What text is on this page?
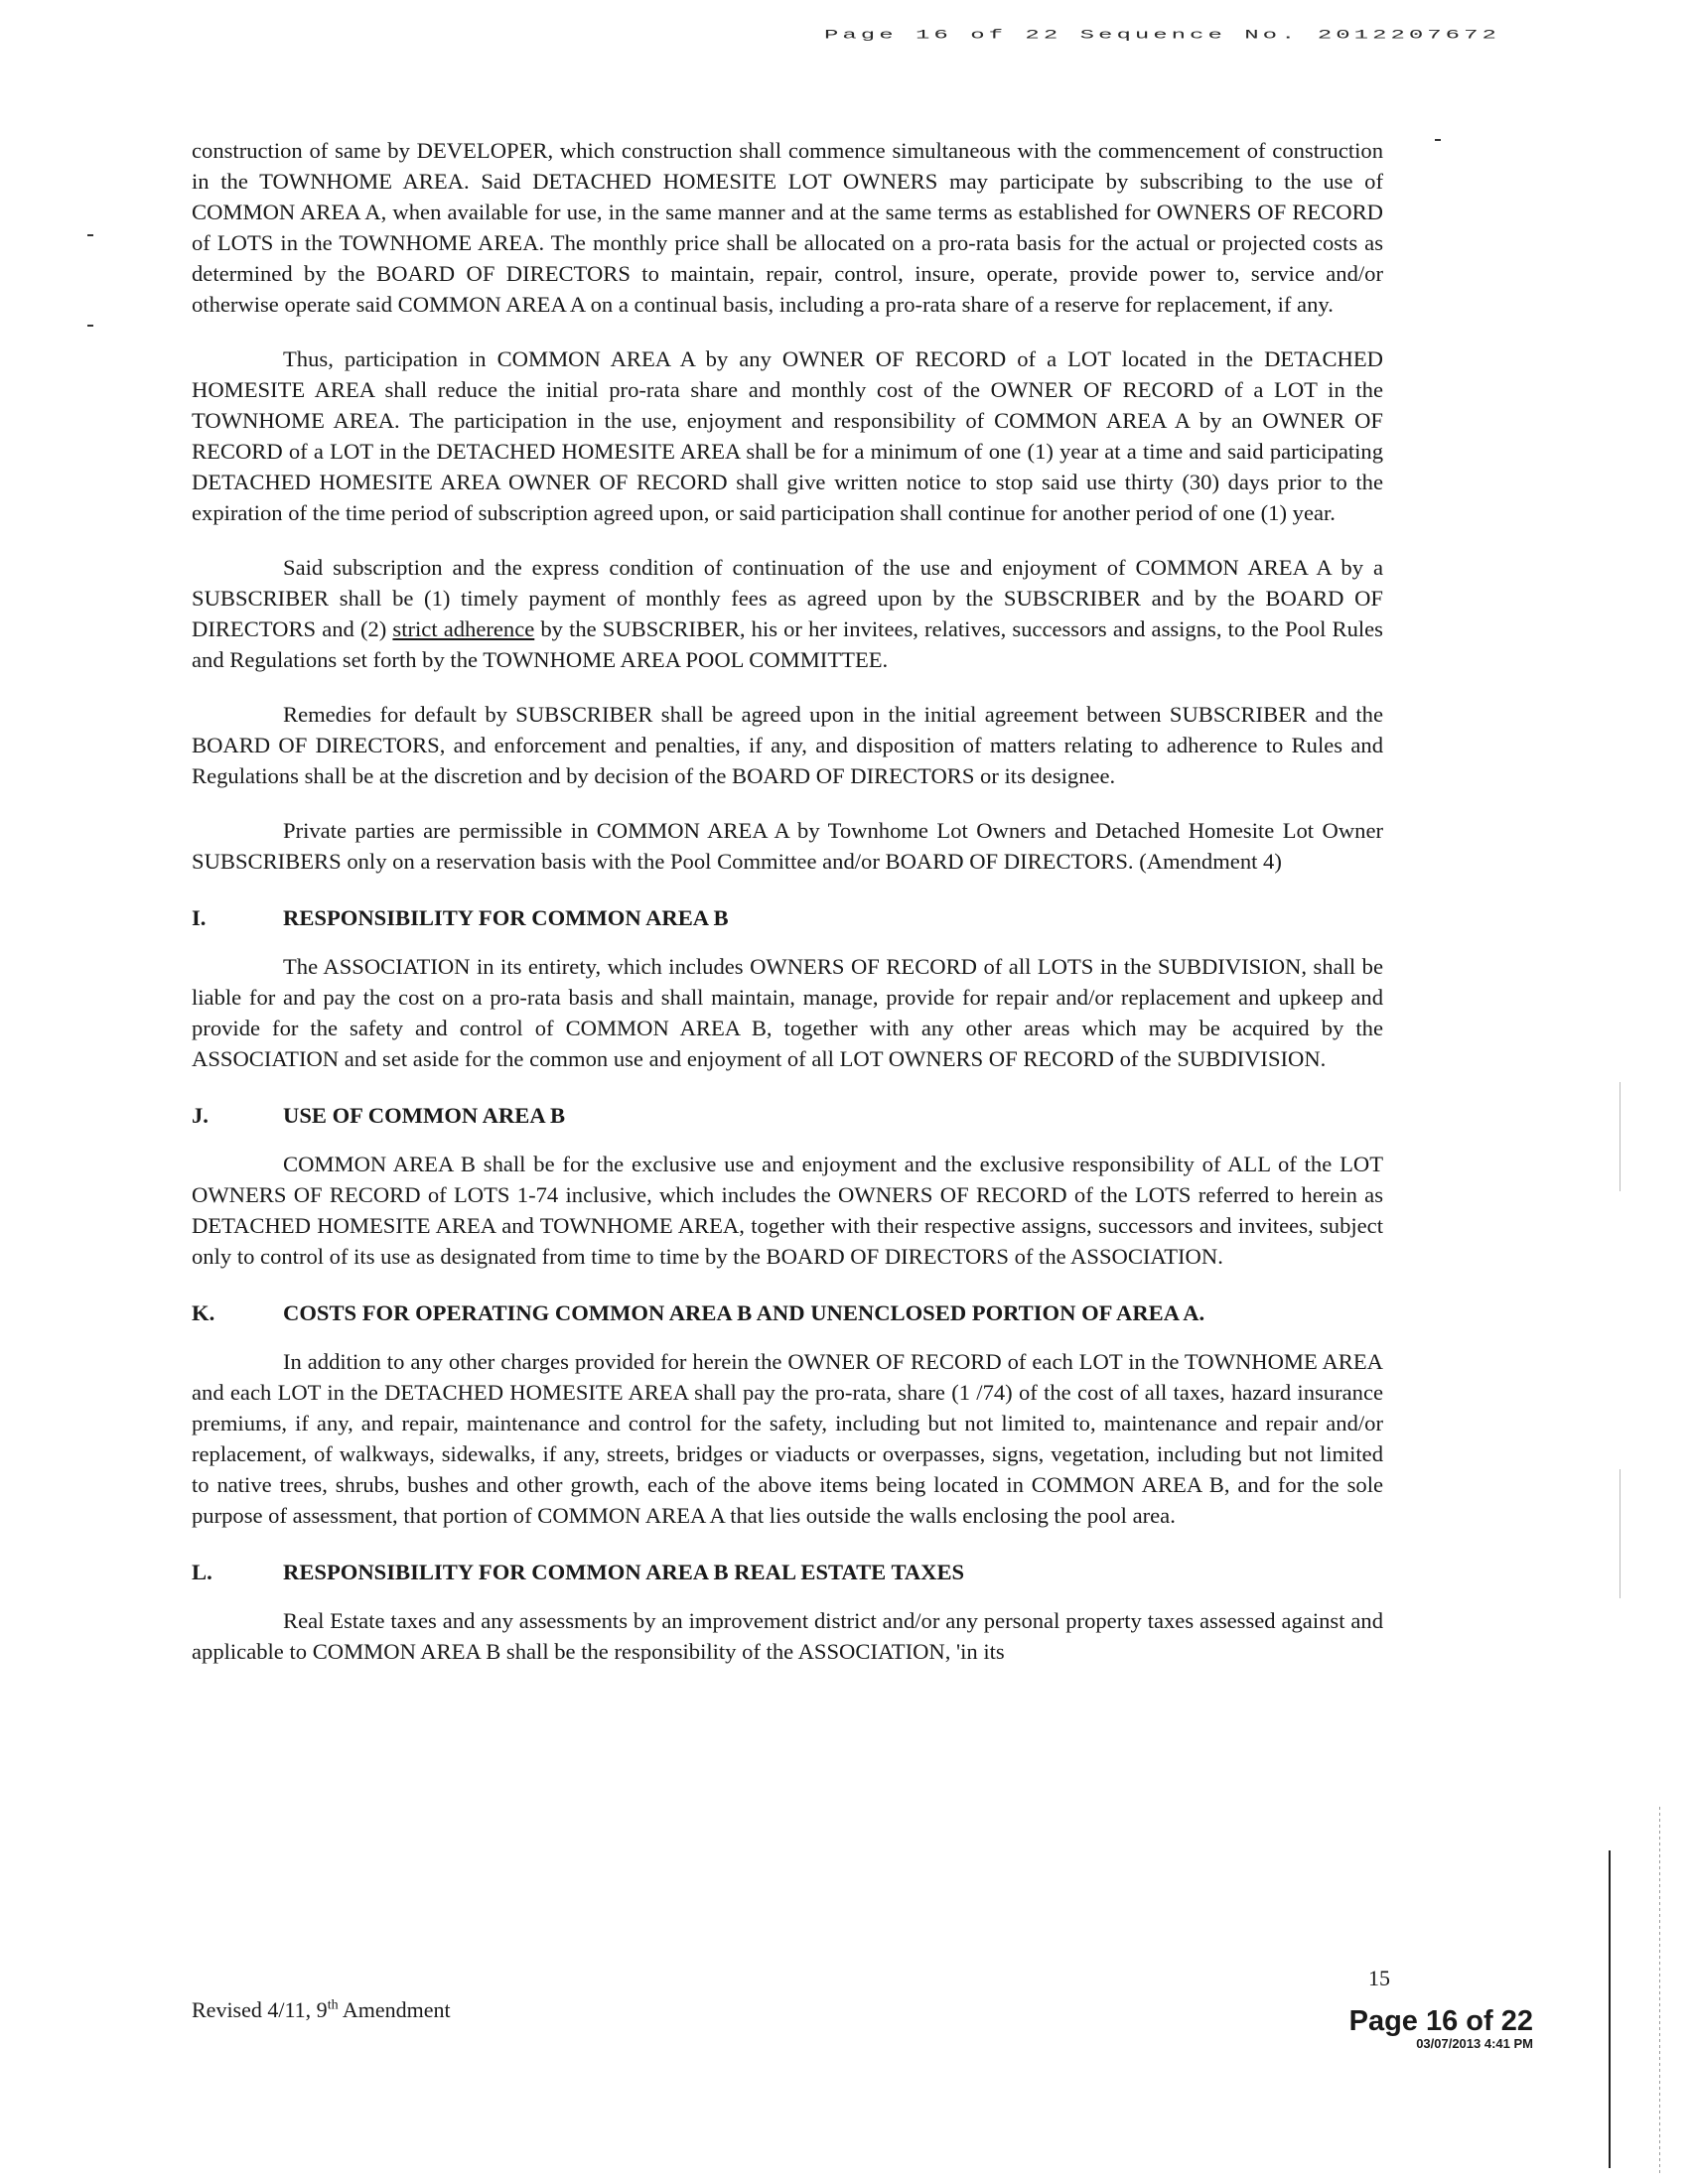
Page 16 of 22 Sequence No. 2012207672

construction of same by DEVELOPER, which construction shall commence simultaneous with the commencement of construction in the TOWNHOME AREA. Said DETACHED HOMESITE LOT OWNERS may participate by subscribing to the use of COMMON AREA A, when available for use, in the same manner and at the same terms as established for OWNERS OF RECORD of LOTS in the TOWNHOME AREA. The monthly price shall be allocated on a pro-rata basis for the actual or projected costs as determined by the BOARD OF DIRECTORS to maintain, repair, control, insure, operate, provide power to, service and/or otherwise operate said COMMON AREA A on a continual basis, including a pro-rata share of a reserve for replacement, if any.

Thus, participation in COMMON AREA A by any OWNER OF RECORD of a LOT located in the DETACHED HOMESITE AREA shall reduce the initial pro-rata share and monthly cost of the OWNER OF RECORD of a LOT in the TOWNHOME AREA. The participation in the use, enjoyment and responsibility of COMMON AREA A by an OWNER OF RECORD of a LOT in the DETACHED HOMESITE AREA shall be for a minimum of one (1) year at a time and said participating DETACHED HOMESITE AREA OWNER OF RECORD shall give written notice to stop said use thirty (30) days prior to the expiration of the time period of subscription agreed upon, or said participation shall continue for another period of one (1) year.

Said subscription and the express condition of continuation of the use and enjoyment of COMMON AREA A by a SUBSCRIBER shall be (1) timely payment of monthly fees as agreed upon by the SUBSCRIBER and by the BOARD OF DIRECTORS and (2) strict adherence by the SUBSCRIBER, his or her invitees, relatives, successors and assigns, to the Pool Rules and Regulations set forth by the TOWNHOME AREA POOL COMMITTEE.

Remedies for default by SUBSCRIBER shall be agreed upon in the initial agreement between SUBSCRIBER and the BOARD OF DIRECTORS, and enforcement and penalties, if any, and disposition of matters relating to adherence to Rules and Regulations shall be at the discretion and by decision of the BOARD OF DIRECTORS or its designee.

Private parties are permissible in COMMON AREA A by Townhome Lot Owners and Detached Homesite Lot Owner SUBSCRIBERS only on a reservation basis with the Pool Committee and/or BOARD OF DIRECTORS. (Amendment 4)

I.	RESPONSIBILITY FOR COMMON AREA B

The ASSOCIATION in its entirety, which includes OWNERS OF RECORD of all LOTS in the SUBDIVISION, shall be liable for and pay the cost on a pro-rata basis and shall maintain, manage, provide for repair and/or replacement and upkeep and provide for the safety and control of COMMON AREA B, together with any other areas which may be acquired by the ASSOCIATION and set aside for the common use and enjoyment of all LOT OWNERS OF RECORD of the SUBDIVISION.

J.	USE OF COMMON AREA B

COMMON AREA B shall be for the exclusive use and enjoyment and the exclusive responsibility of ALL of the LOT OWNERS OF RECORD of LOTS 1-74 inclusive, which includes the OWNERS OF RECORD of the LOTS referred to herein as DETACHED HOMESITE AREA and TOWNHOME AREA, together with their respective assigns, successors and invitees, subject only to control of its use as designated from time to time by the BOARD OF DIRECTORS of the ASSOCIATION.

K.	COSTS FOR OPERATING COMMON AREA B AND UNENCLOSED PORTION OF AREA A.

In addition to any other charges provided for herein the OWNER OF RECORD of each LOT in the TOWNHOME AREA and each LOT in the DETACHED HOMESITE AREA shall pay the pro-rata, share (1 /74) of the cost of all taxes, hazard insurance premiums, if any, and repair, maintenance and control for the safety, including but not limited to, maintenance and repair and/or replacement, of walkways, sidewalks, if any, streets, bridges or viaducts or overpasses, signs, vegetation, including but not limited to native trees, shrubs, bushes and other growth, each of the above items being located in COMMON AREA B, and for the sole purpose of assessment, that portion of COMMON AREA A that lies outside the walls enclosing the pool area.

L.	RESPONSIBILITY FOR COMMON AREA B REAL ESTATE TAXES

Real Estate taxes and any assessments by an improvement district and/or any personal property taxes assessed against and applicable to COMMON AREA B shall be the responsibility of the ASSOCIATION, 'in its

15
Revised 4/11, 9th Amendment	Page 16 of 22
03/07/2013 4:41 PM
